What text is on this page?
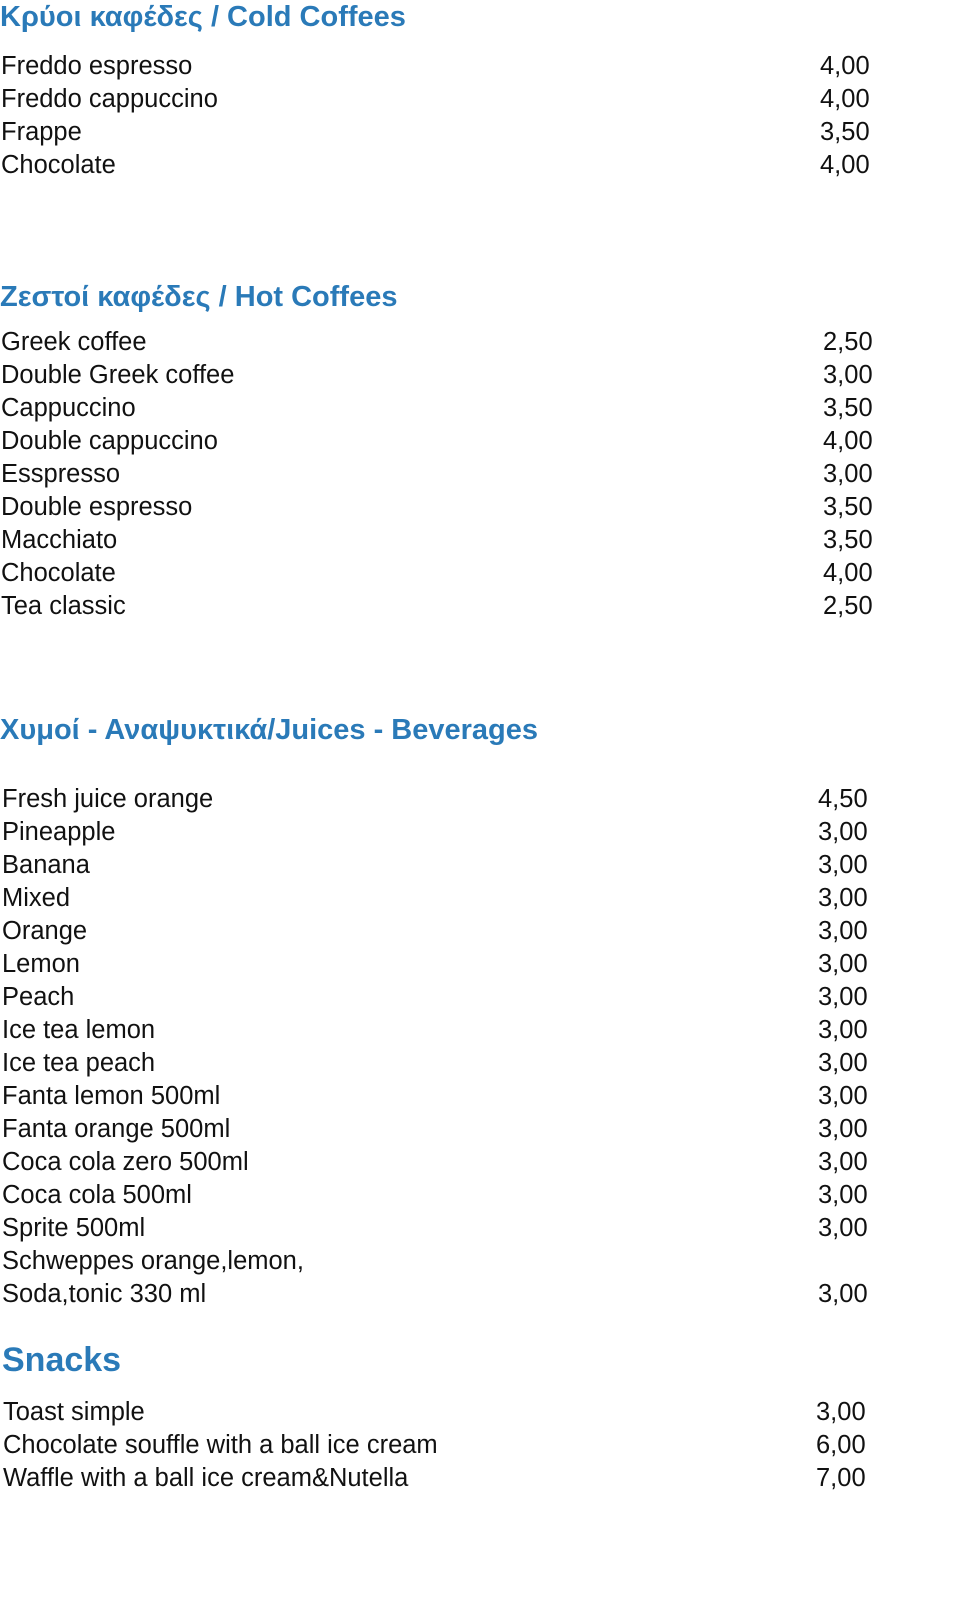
Κρύοι καφέδες / Cold Coffees
Freddo espresso	4,00
Freddo cappuccino	4,00
Frappe	3,50
Chocolate	4,00
Ζεστοί καφέδες / Hot Coffees
Greek coffee	2,50
Double Greek coffee	3,00
Cappuccino	3,50
Double cappuccino	4,00
Esspresso	3,00
Double espresso	3,50
Macchiato	3,50
Chocolate	4,00
Tea classic	2,50
Χυμοί - Αναψυκτικά/Juices - Beverages
Fresh juice orange	4,50
Pineapple	3,00
Banana	3,00
Mixed	3,00
Orange	3,00
Lemon	3,00
Peach	3,00
Ice tea lemon	3,00
Ice tea peach	3,00
Fanta lemon 500ml	3,00
Fanta orange 500ml	3,00
Coca cola zero 500ml	3,00
Coca cola 500ml	3,00
Sprite 500ml	3,00
Schweppes orange,lemon,
Soda,tonic 330 ml	3,00
Snacks
Toast simple	3,00
Chocolate souffle with a ball ice cream	6,00
Waffle with a ball ice cream&Nutella	7,00
